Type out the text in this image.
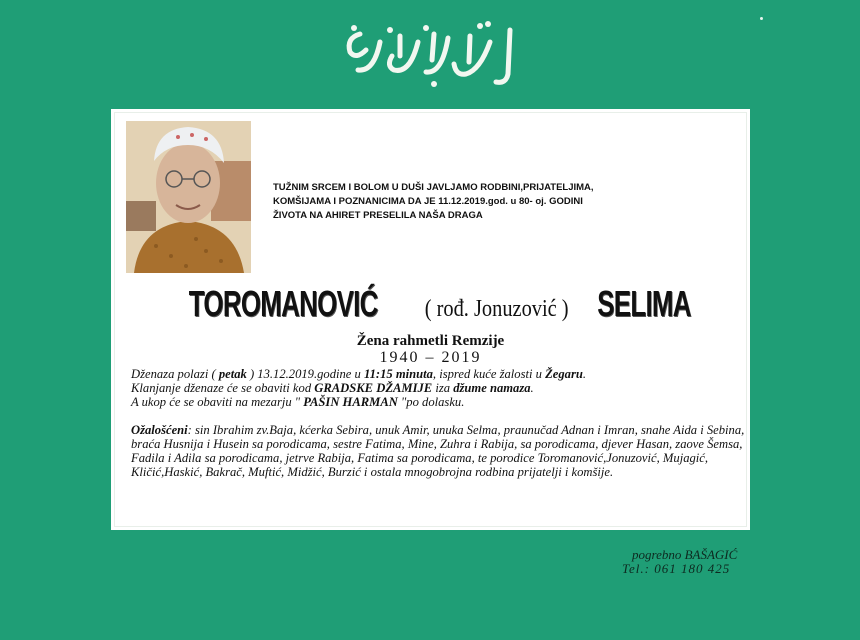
TUŽNIM SRCEM I BOLOM U DUŠI JAVLJAMO RODBINI,PRIJATELJIMA, KOMŠIJAMA I POZNANICIMA DA JE 11.12.2019.god. u 80- oj. GODINI ŽIVOTA NA AHIRET PRESELILA NAŠA DRAGA
TOROMANOVIĆ ( rođ. Jonuzović ) SELIMA
Žena rahmetli Remzije
1940 – 2019

Dženaza polazi ( petak ) 13.12.2019.godine u 11:15 minuta, ispred kuće žalosti u Žegaru.

Klanjanje dženaze će se obaviti kod GRADSKE DŽAMIJE iza džume namaza.

A ukop će se obaviti na mezarju " PAŠIN HARMAN "po dolasku.

Ožalošćeni: sin Ibrahim zv.Baja, kćerka Sebira, unuk Amir, unuka Selma, praunučad Adnan i Imran, snahe Aida i Sebina, braća Husnija i Husein sa porodicama, sestre Fatima, Mine, Zuhra i Rabija, sa porodicama, djever Hasan, zaove Šemsa, Fadila i Adila sa porodicama, jetrve Rabija, Fatima sa porodicama, te porodice Toromanović,Jonuzović, Mujagić, Kličić,Haskić, Bakrač, Muftić, Midžić, Burzić i ostala mnogobrojna rodbina prijatelji i komšije.

pogrebno BAŠAGIĆ
Tel.: 061 180 425
